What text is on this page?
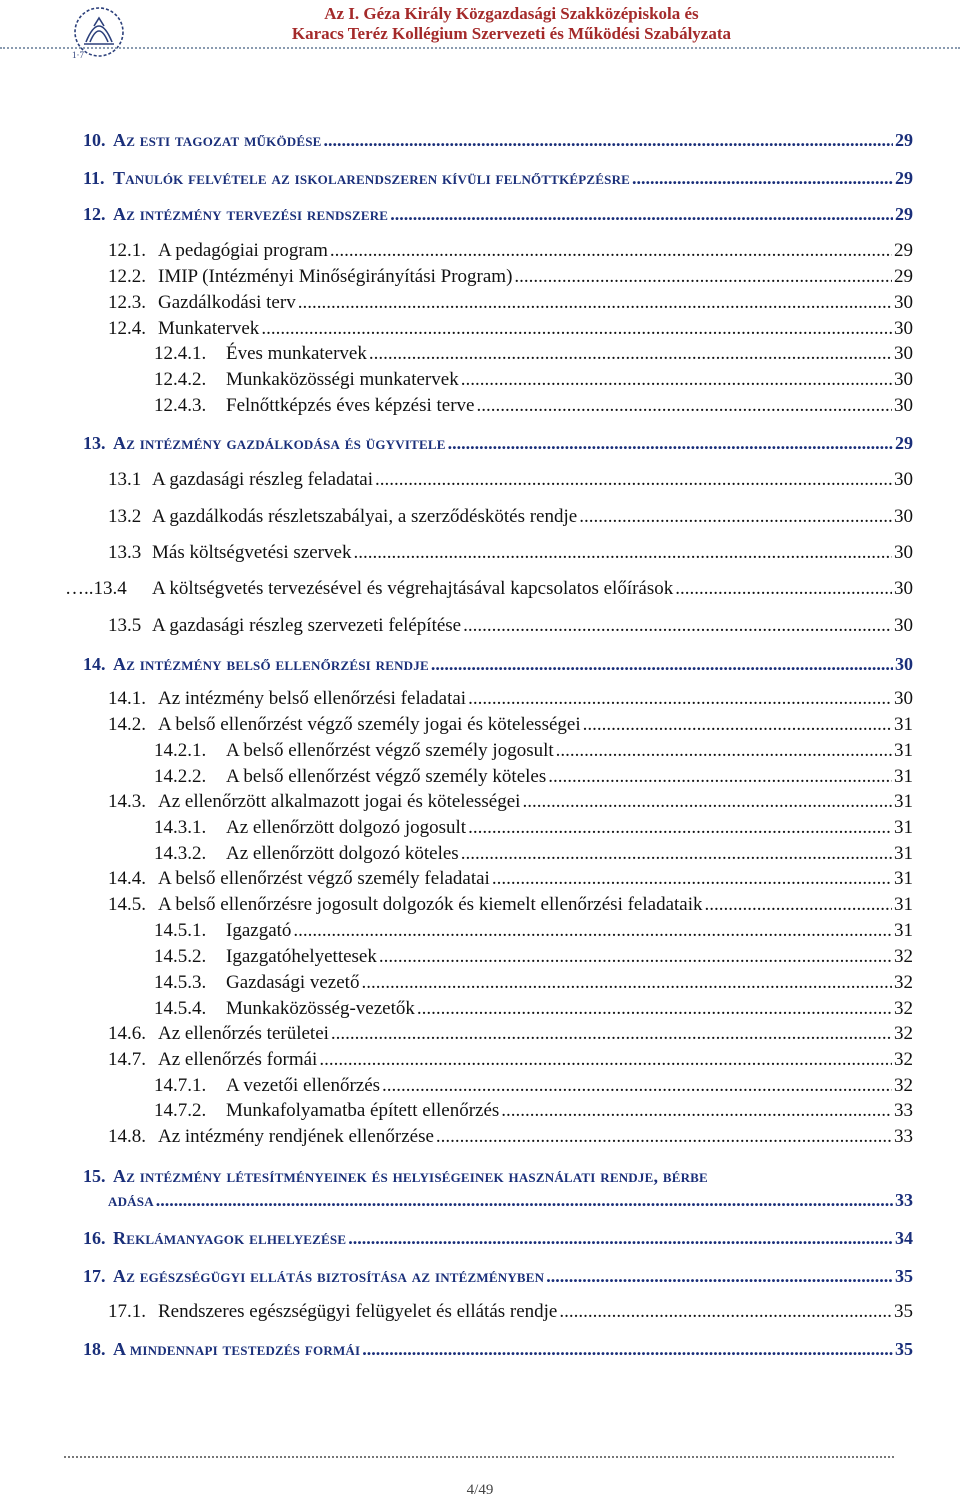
1·7
Az I. Géza Király Közgazdasági Szakközépiskola és
Karacs Teréz Kollégium Szervezeti és Működési Szabályzata
10. Az esti tagozat működése .....	29
11. Tanulók felvétele az iskolarendszeren kívüli felnőttképzésre .....	29
12. Az intézmény tervezési rendszere .....	29
12.1. A pedagógiai program .....	29
12.2. IMIP (Intézményi Minőségirányítási Program) .....	29
12.3. Gazdálkodási terv .....	30
12.4. Munkatervek .....	30
12.4.1.	Éves munkatervek .....	30
12.4.2.	Munkaközösségi munkatervek .....	30
12.4.3.	Felnőttképzés éves képzési terve .....	30
13. Az intézmény gazdálkodása és ügyvitele .....	29
13.1 A gazdasági részleg feladatai .....	30
13.2 A gazdálkodás részletszabályai, a szerződéskötés rendje .....	30
13.3 Más költségvetési szervek .....	30
…..13.4	A költségvetés tervezésével és végrehajtásával kapcsolatos előírások .....	30
13.5 A gazdasági részleg szervezeti felépítése .....	30
14. Az intézmény belső ellenőrzési rendje .....	30
14.1. Az intézmény belső ellenőrzési feladatai .....	30
14.2. A belső ellenőrzést végző személy jogai és kötelességei .....	31
14.2.1.	A belső ellenőrzést végző személy jogosult .....	31
14.2.2.	A belső ellenőrzést végző személy köteles .....	31
14.3. Az ellenőrzött alkalmazott jogai és kötelességei .....	31
14.3.1.	Az ellenőrzött dolgozó jogosult .....	31
14.3.2.	Az ellenőrzött dolgozó köteles .....	31
14.4. A belső ellenőrzést végző személy feladatai .....	31
14.5. A belső ellenőrzésre jogosult dolgozók és kiemelt ellenőrzési feladataik .....	31
14.5.1.	Igazgató .....	31
14.5.2.	Igazgatóhelyettesek .....	32
14.5.3.	Gazdasági vezető .....	32
14.5.4.	Munkaközösség-vezetők .....	32
14.6. Az ellenőrzés területei .....	32
14.7. Az ellenőrzés formái .....	32
14.7.1.	A vezetői ellenőrzés .....	32
14.7.2.	Munkafolyamatba épített ellenőrzés .....	33
14.8. Az intézmény rendjének ellenőrzése .....	33
15. Az intézmény létesítményeinek és helyiségeinek használati rendje, bérbe
adása .....	33
16. Reklámanyagok elhelyezése .....	34
17. Az egészségügyi ellátás biztosítása az intézményben .....	35
17.1. Rendszeres egészségügyi felügyelet és ellátás rendje .....	35
18. A mindennapi testedzés formái .....	35
4/49
